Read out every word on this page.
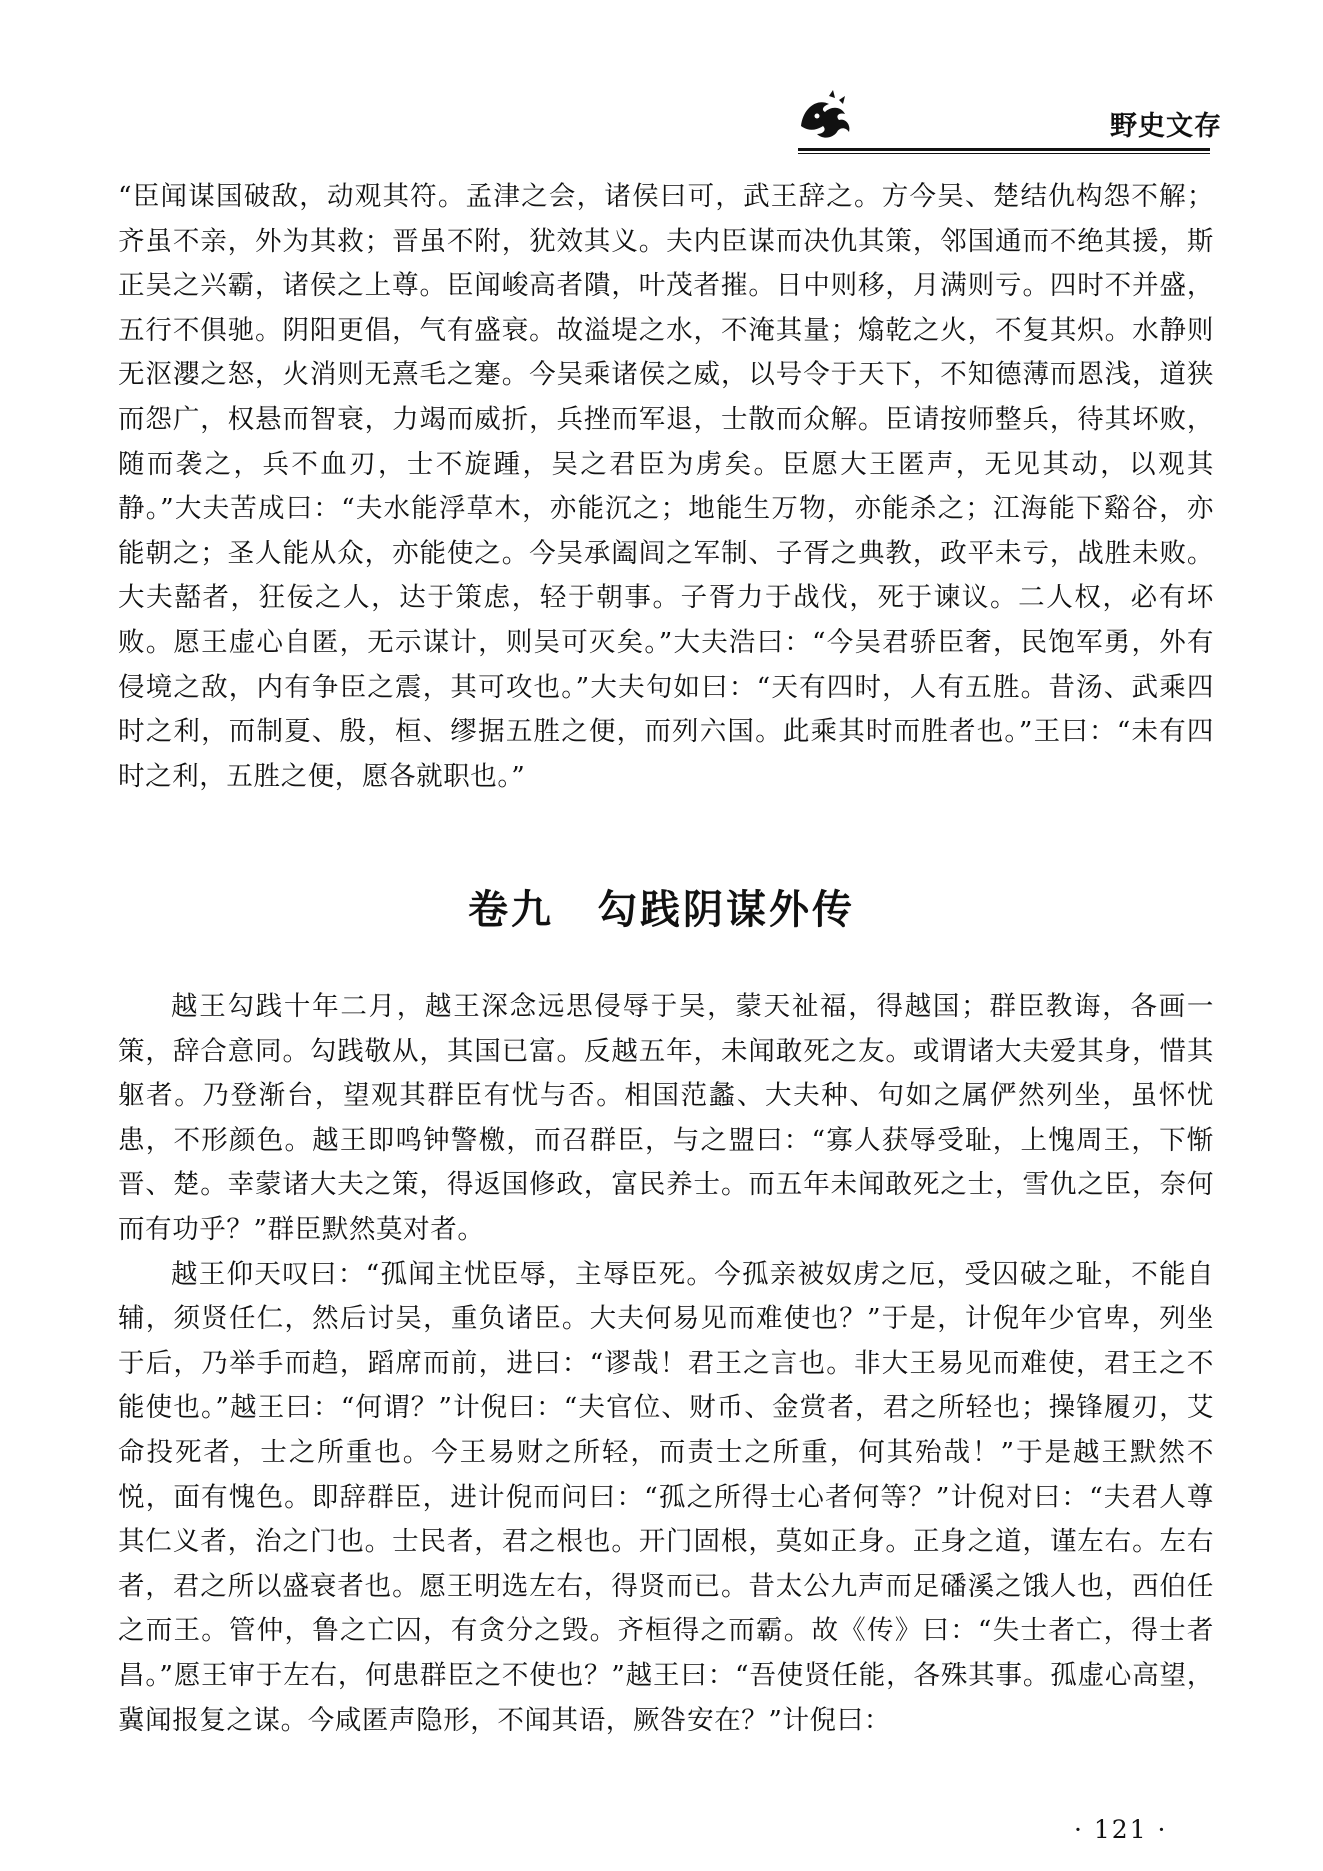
野史文存

“臣闻谋国破敌，动观其符。孟津之会，诸侯曰可，武王辞之。方今吴、楚结仇构怨不解；齐虽不亲，外为其救；晋虽不附，犹效其义。夫内臣谋而决仇其策，邻国通而不绝其援，斯正吴之兴霸，诸侯之上尊。臣闻峻高者隤，叶茂者摧。日中则移，月满则亏。四时不并盛，五行不俱驰。阴阳更倡，气有盛衰。故溢堤之水，不淹其量；熻乾之火，不复其炽。水静则无沤瀴之怒，火消则无熹毛之䞿。今吴乘诸侯之威，以号令于天下，不知德薄而恩浅，道狭而怨广，权悬而智衰，力竭而威折，兵挫而军退，士散而众解。臣请按师整兵，待其坏败，随而袭之，兵不血刃，士不旋踵，吴之君臣为虏矣。臣愿大王匿声，无见其动，以观其静。”大夫苦成曰：“夫水能浮草木，亦能沉之；地能生万物，亦能杀之；江海能下谿谷，亦能朝之；圣人能从众，亦能使之。今吴承阖闾之军制、子胥之典教，政平未亏，战胜未败。大夫嚭者，狂佞之人，达于策虑，轻于朝事。子胥力于战伐，死于谏议。二人权，必有坏败。愿王虚心自匿，无示谋计，则吴可灭矣。”大夫浩曰：“今吴君骄臣奢，民饱军勇，外有侵境之敌，内有争臣之震，其可攻也。”大夫句如曰：“天有四时，人有五胜。昔汤、武乘四时之利，而制夏、殷，桓、缪据五胜之便，而列六国。此乘其时而胜者也。”王曰：“未有四时之利，五胜之便，愿各就职也。”

卷九　勾践阴谋外传

越王勾践十年二月，越王深念远思侵辱于吴，蒙天祉福，得越国；群臣教诲，各画一策，辞合意同。勾践敬从，其国已富。反越五年，未闻敢死之友。或谓诸大夫爱其身，惜其躯者。乃登渐台，望观其群臣有忧与否。相国范蠡、大夫种、句如之属俨然列坐，虽怀忧患，不形颜色。越王即鸣钟警檄，而召群臣，与之盟曰：“寡人获辱受耻，上愧周王，下惭晋、楚。幸蒙诸大夫之策，得返国修政，富民养士。而五年未闻敢死之士，雪仇之臣，奈何而有功乎？”群臣默然莫对者。

越王仰天叹曰：“孤闻主忧臣辱，主辱臣死。今孤亲被奴虏之厄，受囚破之耻，不能自辅，须贤任仁，然后讨吴，重负诸臣。大夫何易见而难使也？”于是，计倪年少官卑，列坐于后，乃举手而趋，蹈席而前，进曰：“谬哉！君王之言也。非大王易见而难使，君王之不能使也。”越王曰：“何谓？”计倪曰：“夫官位、财币、金赏者，君之所轻也；操锋履刃，艾命投死者，士之所重也。今王易财之所轻，而责士之所重，何其殆哉！”于是越王默然不悦，面有愧色。即辞群臣，进计倪而问曰：“孤之所得士心者何等？”计倪对曰：“夫君人尊其仁义者，治之门也。士民者，君之根也。开门固根，莫如正身。正身之道，谨左右。左右者，君之所以盛衰者也。愿王明选左右，得贤而已。昔太公九声而足磻溪之饿人也，西伯任之而王。管仲，鲁之亡囚，有贪分之毁。齐桓得之而霸。故《传》曰：“失士者亡，得士者昌。”愿王审于左右，何患群臣之不使也？”越王曰：“吾使贤任能，各殊其事。孤虚心高望，冀闻报复之谋。今咸匿声隐形，不闻其语，厥咎安在？”计倪曰：

· 121 ·
